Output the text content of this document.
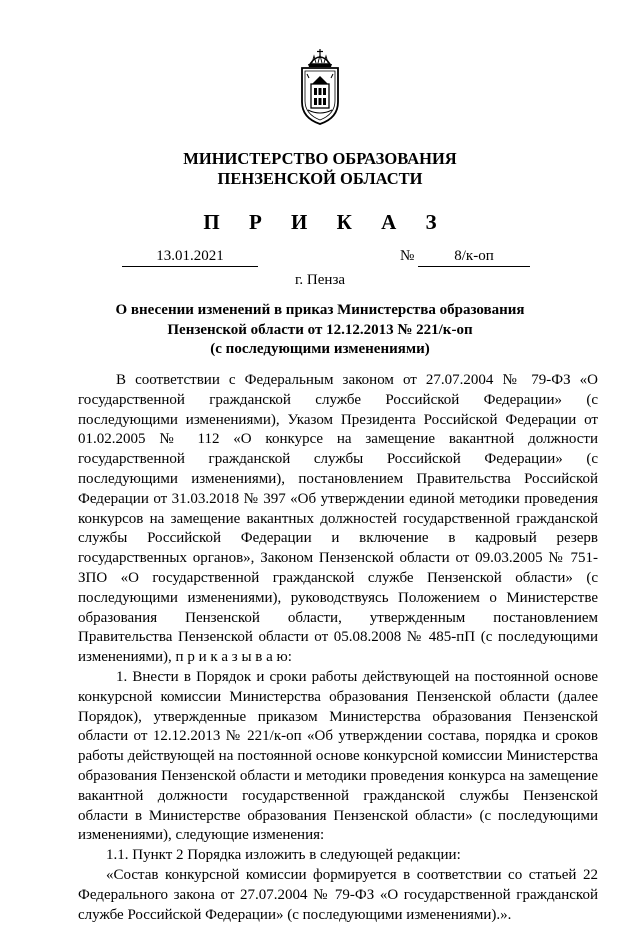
МИНИСТЕРСТВО ОБРАЗОВАНИЯ
ПЕНЗЕНСКОЙ ОБЛАСТИ
П Р И К А З
13.01.2021	№	8/к-оп
г. Пенза
О внесении изменений в приказ Министерства образования
Пензенской области от 12.12.2013 № 221/к-оп
(с последующими изменениями)

В соответствии с Федеральным законом от 27.07.2004 № 79-ФЗ «О государственной гражданской службе Российской Федерации» (с последующими изменениями), Указом Президента Российской Федерации от 01.02.2005 № 112 «О конкурсе на замещение вакантной должности государственной гражданской службы Российской Федерации» (с последующими изменениями), постановлением Правительства Российской Федерации от 31.03.2018 № 397 «Об утверждении единой методики проведения конкурсов на замещение вакантных должностей государственной гражданской службы Российской Федерации и включение в кадровый резерв государственных органов», Законом Пензенской области от 09.03.2005 № 751-ЗПО «О государственной гражданской службе Пензенской области» (с последующими изменениями), руководствуясь Положением о Министерстве образования Пензенской области, утвержденным постановлением Правительства Пензенской области от 05.08.2008 № 485-пП (с последующими изменениями), п р и к а з ы в а ю:

1. Внести в Порядок и сроки работы действующей на постоянной основе конкурсной комиссии Министерства образования Пензенской области (далее Порядок), утвержденные приказом Министерства образования Пензенской области от 12.12.2013 № 221/к-оп «Об утверждении состава, порядка и сроков работы действующей на постоянной основе конкурсной комиссии Министерства образования Пензенской области и методики проведения конкурса на замещение вакантной должности государственной гражданской службы Пензенской области в Министерстве образования Пензенской области» (с последующими изменениями), следующие изменения:

1.1. Пункт 2 Порядка изложить в следующей редакции:

«Состав конкурсной комиссии формируется в соответствии со статьей 22 Федерального закона от 27.07.2004 № 79-ФЗ «О государственной гражданской службе Российской Федерации» (с последующими изменениями).».
